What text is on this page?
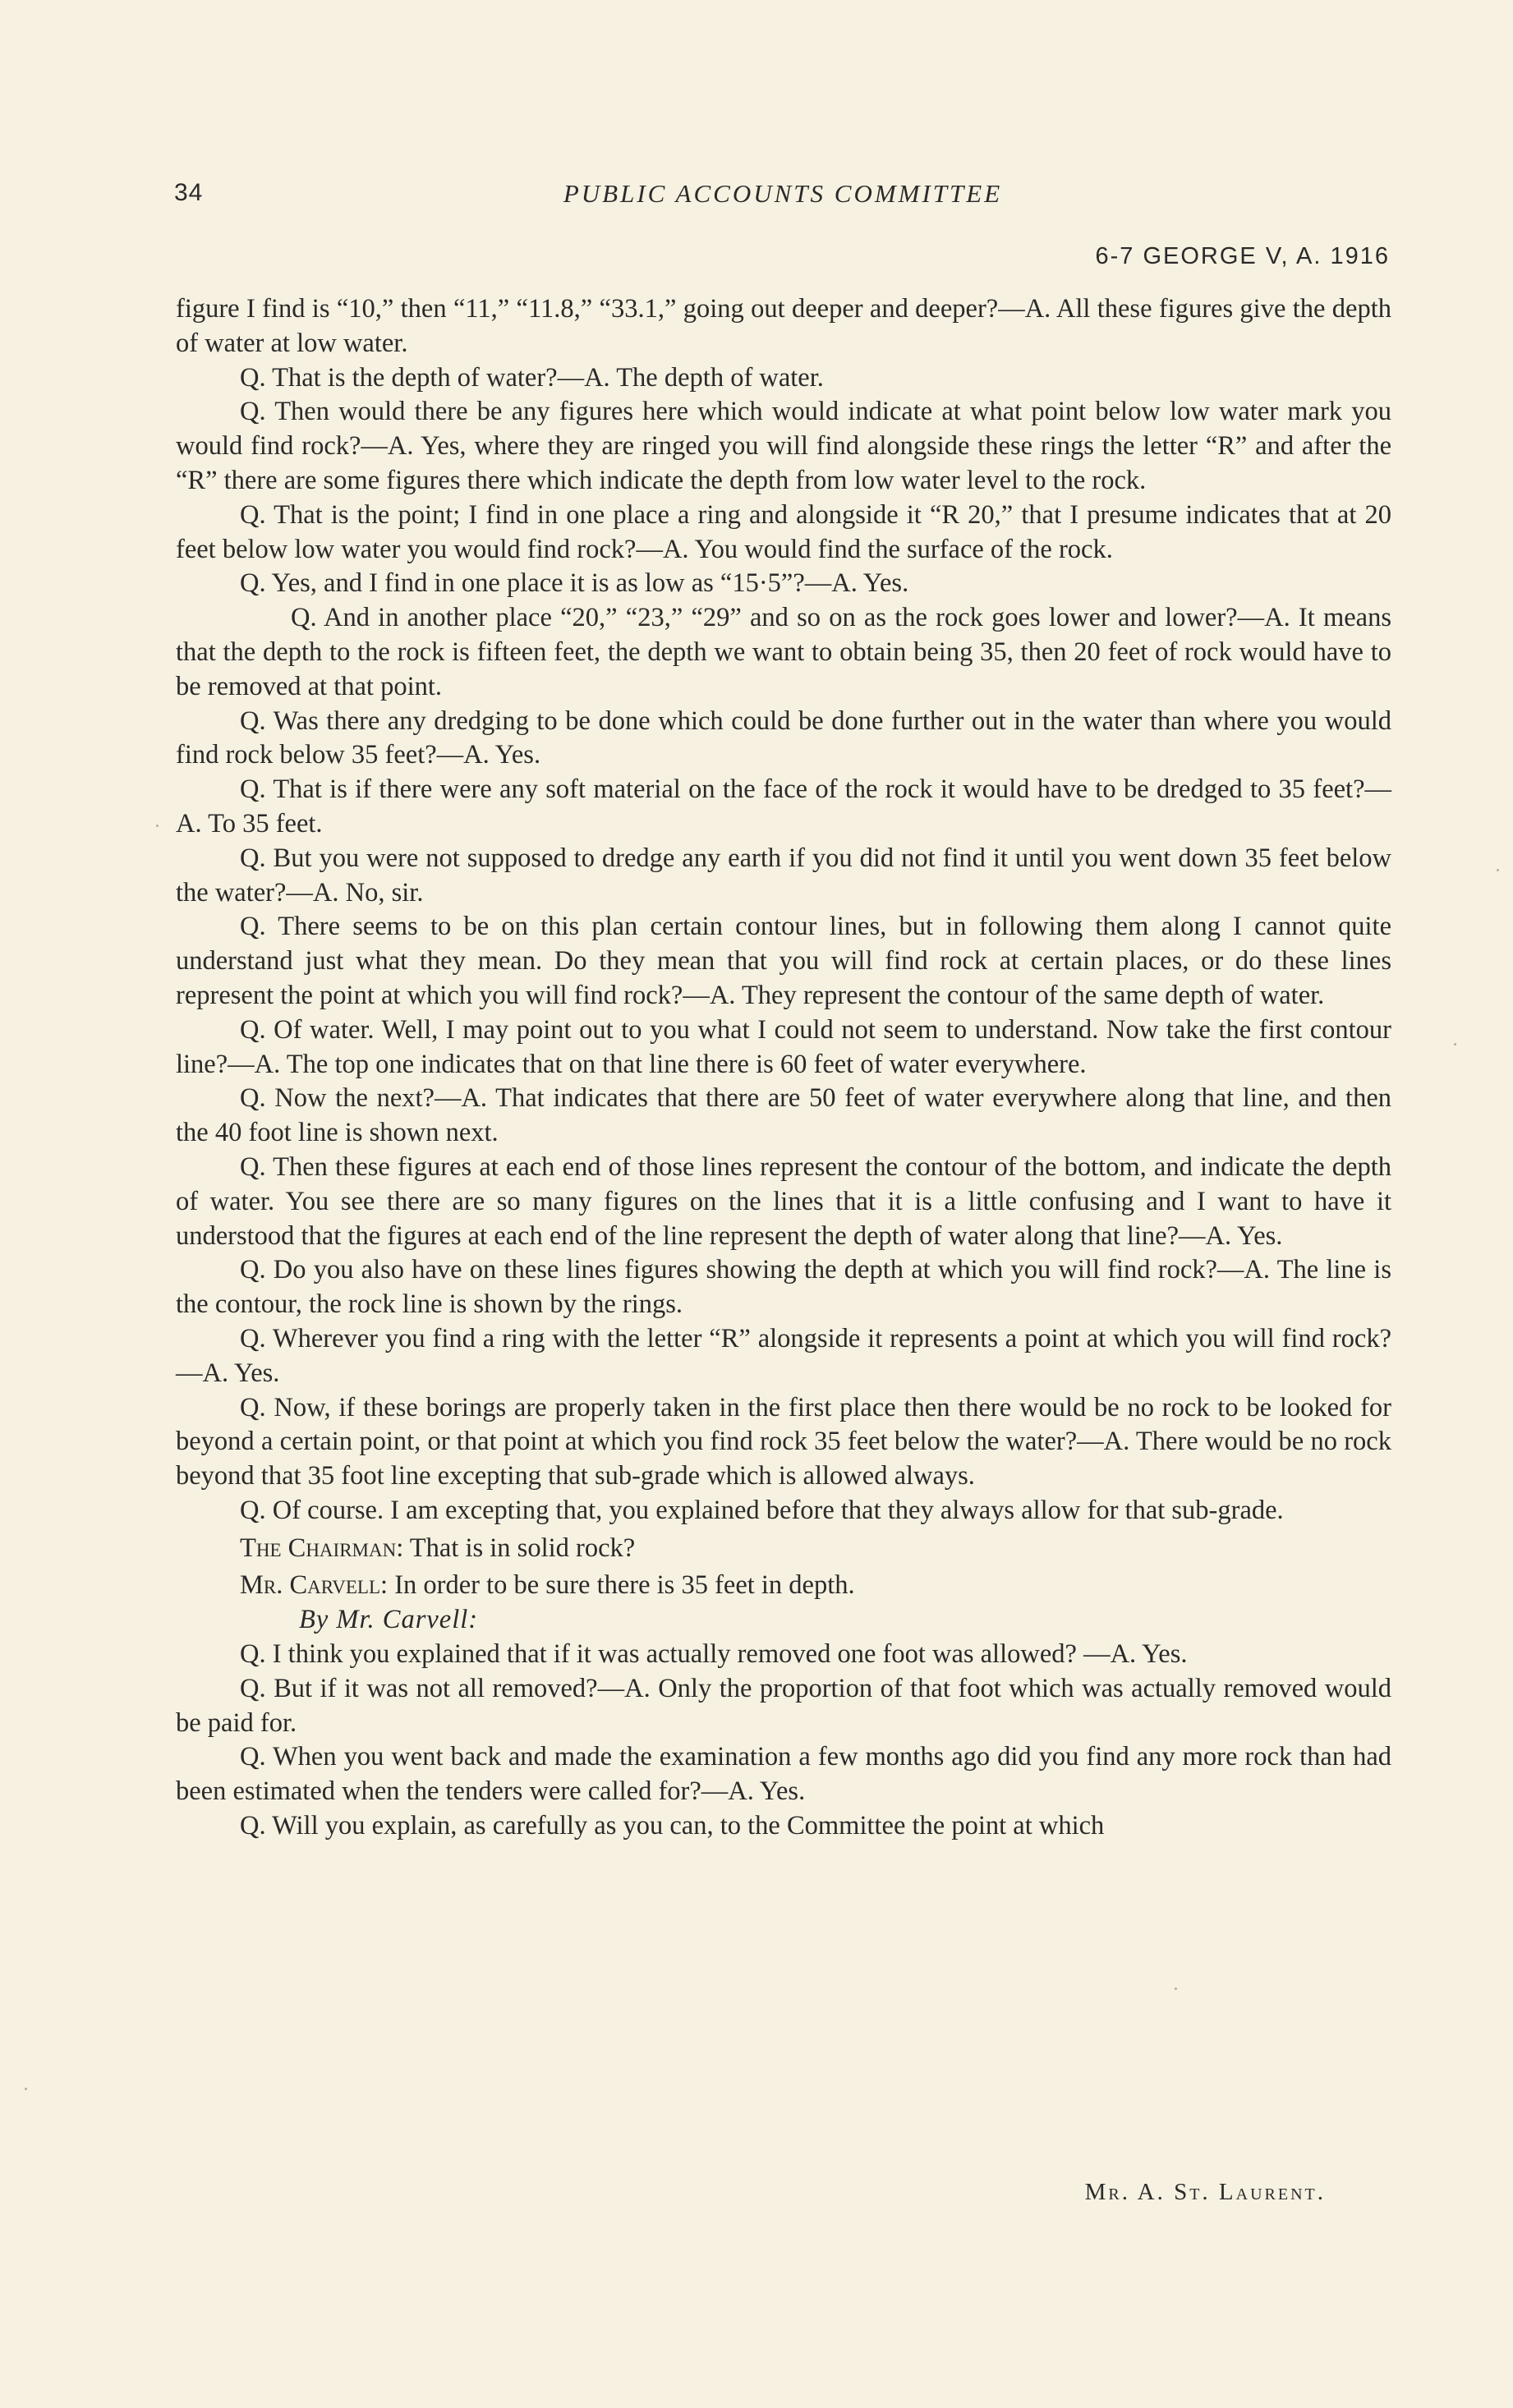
34	PUBLIC ACCOUNTS COMMITTEE
6-7 GEORGE V, A. 1916

figure I find is “10,” then “11,” “11.8,” “33.1,” going out deeper and deeper?—A. All these figures give the depth of water at low water.

Q. That is the depth of water?—A. The depth of water.

Q. Then would there be any figures here which would indicate at what point below low water mark you would find rock?—A. Yes, where they are ringed you will find alongside these rings the letter “R” and after the “R” there are some figures there which indicate the depth from low water level to the rock.

Q. That is the point; I find in one place a ring and alongside it “R 20,” that I presume indicates that at 20 feet below low water you would find rock?—A. You would find the surface of the rock.

Q. Yes, and I find in one place it is as low as “15·5”?—A. Yes.

Q. And in another place “20,” “23,” “29” and so on as the rock goes lower and lower?—A. It means that the depth to the rock is fifteen feet, the depth we want to obtain being 35, then 20 feet of rock would have to be removed at that point.

Q. Was there any dredging to be done which could be done further out in the water than where you would find rock below 35 feet?—A. Yes.

Q. That is if there were any soft material on the face of the rock it would have to be dredged to 35 feet?—A. To 35 feet.

Q. But you were not supposed to dredge any earth if you did not find it until you went down 35 feet below the water?—A. No, sir.

Q. There seems to be on this plan certain contour lines, but in following them along I cannot quite understand just what they mean. Do they mean that you will find rock at certain places, or do these lines represent the point at which you will find rock?—A. They represent the contour of the same depth of water.

Q. Of water. Well, I may point out to you what I could not seem to understand. Now take the first contour line?—A. The top one indicates that on that line there is 60 feet of water everywhere.

Q. Now the next?—A. That indicates that there are 50 feet of water everywhere along that line, and then the 40 foot line is shown next.

Q. Then these figures at each end of those lines represent the contour of the bottom, and indicate the depth of water. You see there are so many figures on the lines that it is a little confusing and I want to have it understood that the figures at each end of the line represent the depth of water along that line?—A. Yes.

Q. Do you also have on these lines figures showing the depth at which you will find rock?—A. The line is the contour, the rock line is shown by the rings.

Q. Wherever you find a ring with the letter “R” alongside it represents a point at which you will find rock?—A. Yes.

Q. Now, if these borings are properly taken in the first place then there would be no rock to be looked for beyond a certain point, or that point at which you find rock 35 feet below the water?—A. There would be no rock beyond that 35 foot line excepting that sub-grade which is allowed always.

Q. Of course. I am excepting that, you explained before that they always allow for that sub-grade.

The Chairman: That is in solid rock?

Mr. Carvell: In order to be sure there is 35 feet in depth.

By Mr. Carvell:

Q. I think you explained that if it was actually removed one foot was allowed? —A. Yes.

Q. But if it was not all removed?—A. Only the proportion of that foot which was actually removed would be paid for.

Q. When you went back and made the examination a few months ago did you find any more rock than had been estimated when the tenders were called for?—A. Yes.

Q. Will you explain, as carefully as you can, to the Committee the point at which

Mr. A. St. Laurent.
